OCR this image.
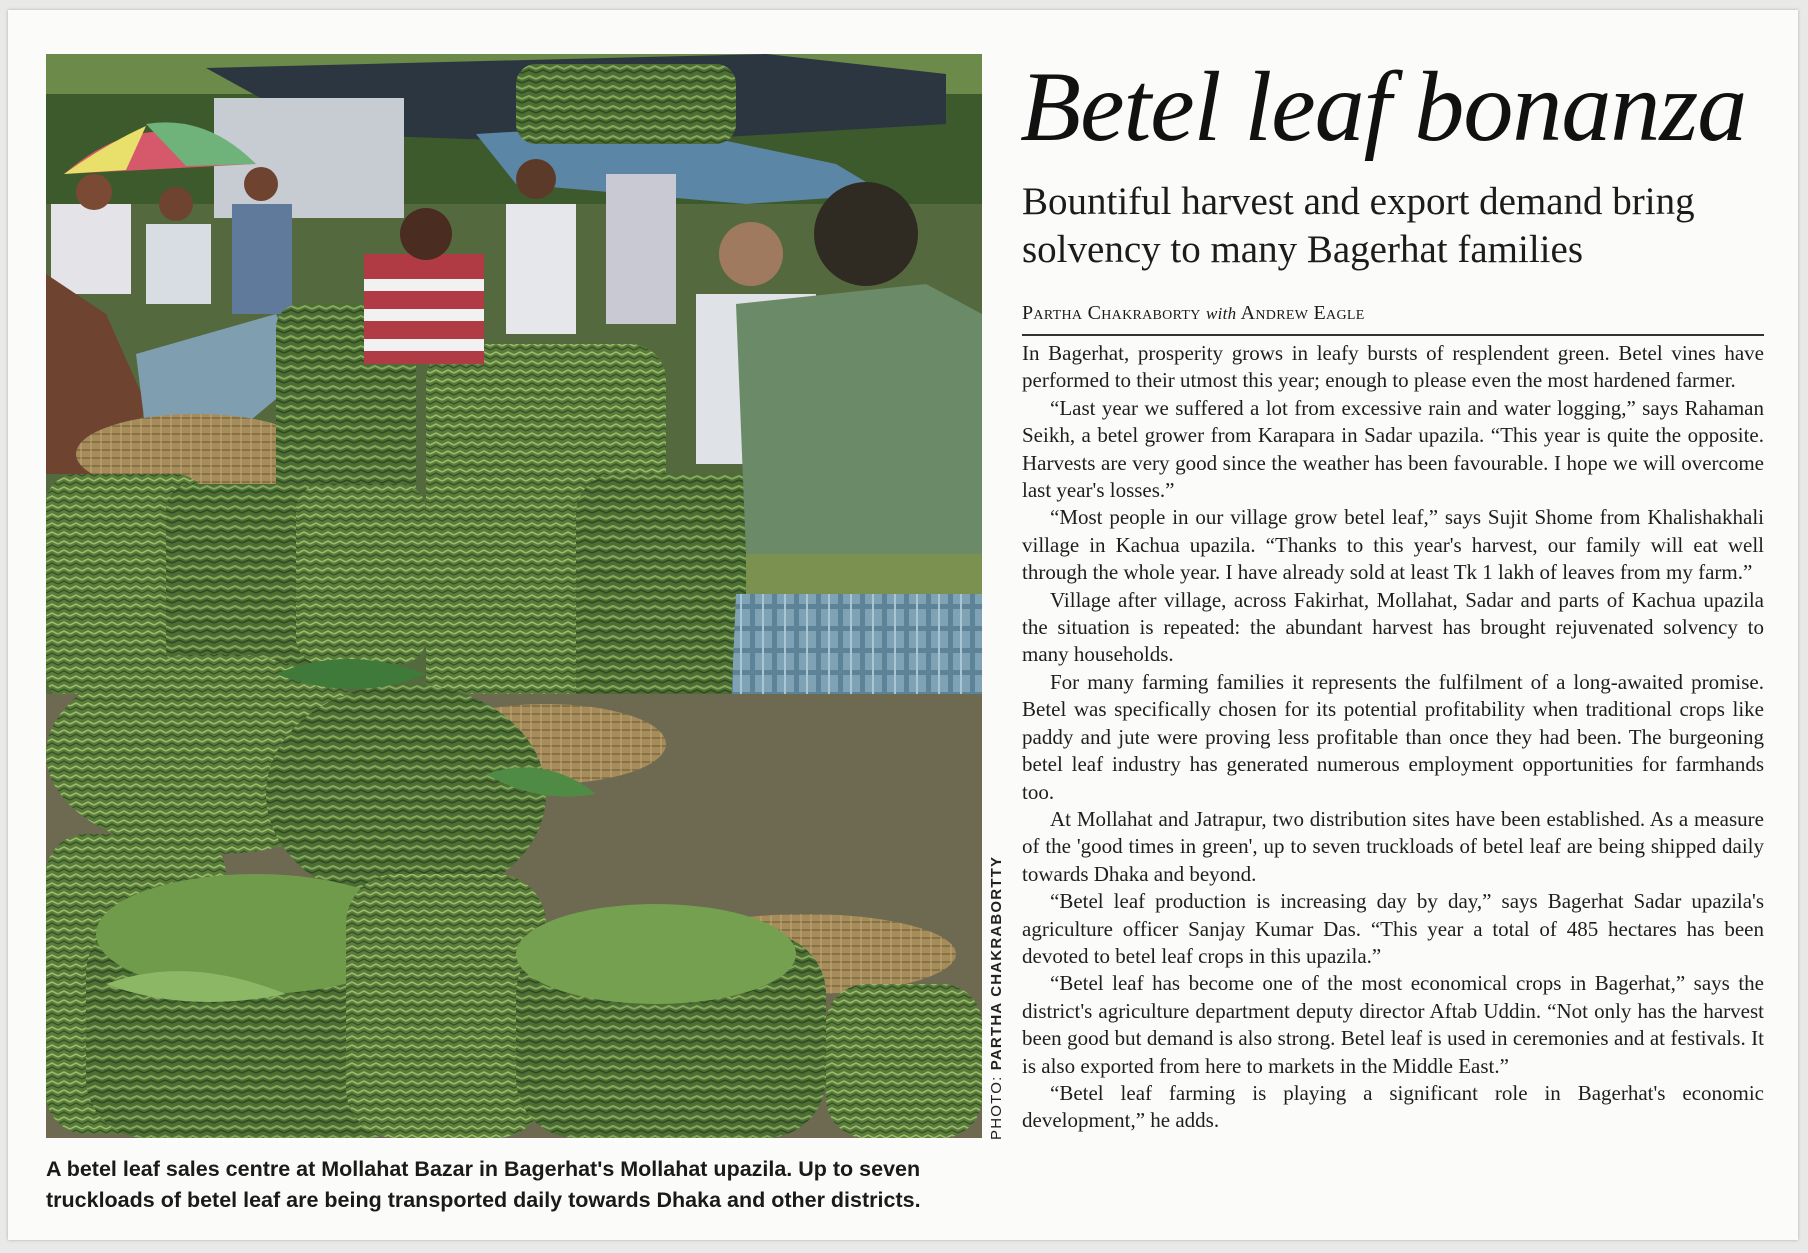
PHOTO: PARTHA CHAKRABORTTY
A betel leaf sales centre at Mollahat Bazar in Bagerhat's Mollahat upazila. Up to seven truckloads of betel leaf are being transported daily towards Dhaka and other districts.
Betel leaf bonanza
Bountiful harvest and export demand bring solvency to many Bagerhat families
Partha Chakraborty with Andrew Eagle

In Bagerhat, prosperity grows in leafy bursts of resplendent green. Betel vines have performed to their utmost this year; enough to please even the most hardened farmer.

“Last year we suffered a lot from excessive rain and water logging,” says Rahaman Seikh, a betel grower from Karapara in Sadar upazila. “This year is quite the opposite. Harvests are very good since the weather has been favourable. I hope we will overcome last year's losses.”

“Most people in our village grow betel leaf,” says Sujit Shome from Khalishakhali village in Kachua upazila. “Thanks to this year's harvest, our family will eat well through the whole year. I have already sold at least Tk 1 lakh of leaves from my farm.”

Village after village, across Fakirhat, Mollahat, Sadar and parts of Kachua upazila the situation is repeated: the abundant harvest has brought rejuvenated solvency to many households.

For many farming families it represents the fulfilment of a long-awaited promise. Betel was specifically chosen for its potential profitability when traditional crops like paddy and jute were proving less profitable than once they had been. The burgeoning betel leaf industry has generated numerous employment opportunities for farmhands too.

At Mollahat and Jatrapur, two distribution sites have been established. As a measure of the 'good times in green', up to seven truckloads of betel leaf are being shipped daily towards Dhaka and beyond.

“Betel leaf production is increasing day by day,” says Bagerhat Sadar upazila's agriculture officer Sanjay Kumar Das. “This year a total of 485 hectares has been devoted to betel leaf crops in this upazila.”

“Betel leaf has become one of the most economical crops in Bagerhat,” says the district's agriculture department deputy director Aftab Uddin. “Not only has the harvest been good but demand is also strong. Betel leaf is used in ceremonies and at festivals. It is also exported from here to markets in the Middle East.”

“Betel leaf farming is playing a significant role in Bagerhat's economic development,” he adds.
